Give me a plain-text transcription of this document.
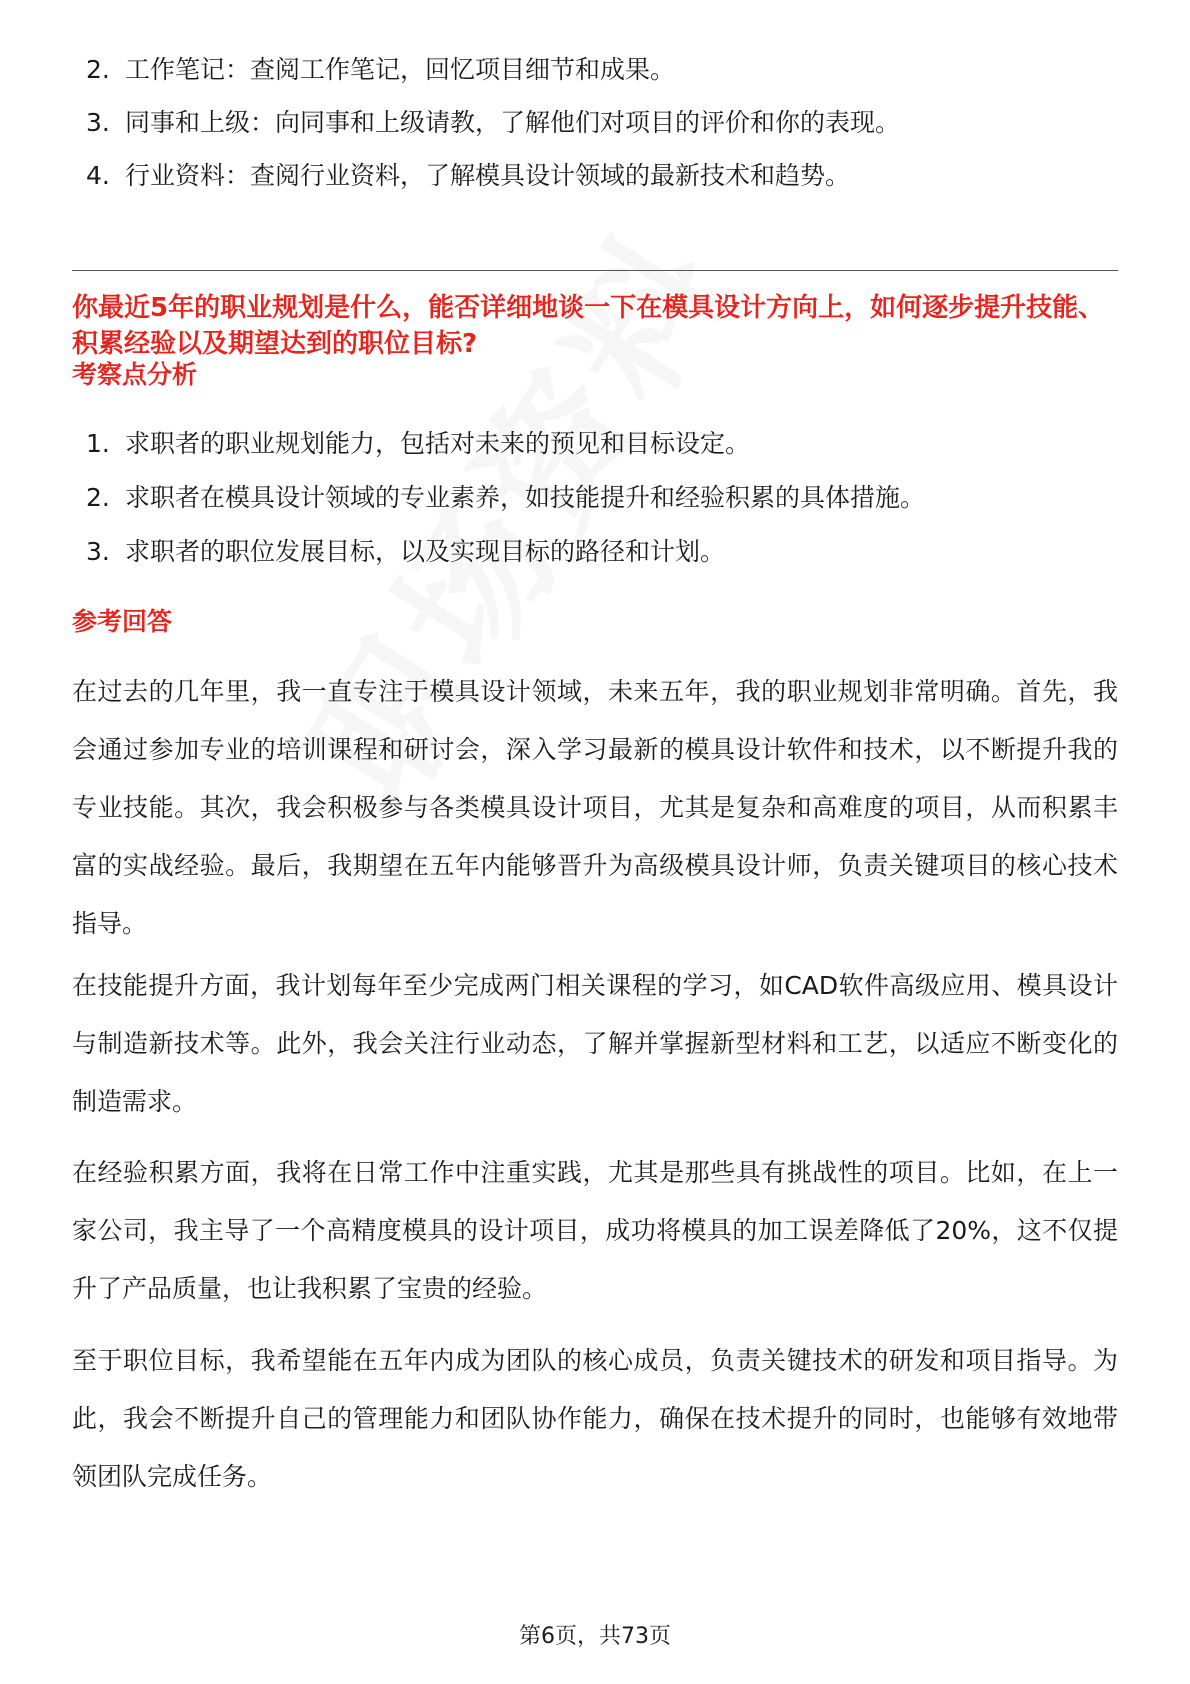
2. 工作笔记：查阅工作笔记，回忆项目细节和成果。
3. 同事和上级：向同事和上级请教，了解他们对项目的评价和你的表现。
4. 行业资料：查阅行业资料，了解模具设计领域的最新技术和趋势。

你最近5年的职业规划是什么，能否详细地谈一下在模具设计方向上，如何逐步提升技能、积累经验以及期望达到的职位目标?

考察点分析
1. 求职者的职业规划能力，包括对未来的预见和目标设定。
2. 求职者在模具设计领域的专业素养，如技能提升和经验积累的具体措施。
3. 求职者的职位发展目标，以及实现目标的路径和计划。
参考回答

在过去的几年里，我一直专注于模具设计领域，未来五年，我的职业规划非常明确。首先，我会通过参加专业的培训课程和研讨会，深入学习最新的模具设计软件和技术，以不断提升我的专业技能。其次，我会积极参与各类模具设计项目，尤其是复杂和高难度的项目，从而积累丰富的实战经验。最后，我期望在五年内能够晋升为高级模具设计师，负责关键项目的核心技术指导。

在技能提升方面，我计划每年至少完成两门相关课程的学习，如CAD软件高级应用、模具设计与制造新技术等。此外，我会关注行业动态，了解并掌握新型材料和工艺，以适应不断变化的制造需求。

在经验积累方面，我将在日常工作中注重实践，尤其是那些具有挑战性的项目。比如，在上一家公司，我主导了一个高精度模具的设计项目，成功将模具的加工误差降低了20%，这不仅提升了产品质量，也让我积累了宝贵的经验。

至于职位目标，我希望能在五年内成为团队的核心成员，负责关键技术的研发和项目指导。为此，我会不断提升自己的管理能力和团队协作能力，确保在技术提升的同时，也能够有效地带领团队完成任务。

第6页，共73页
